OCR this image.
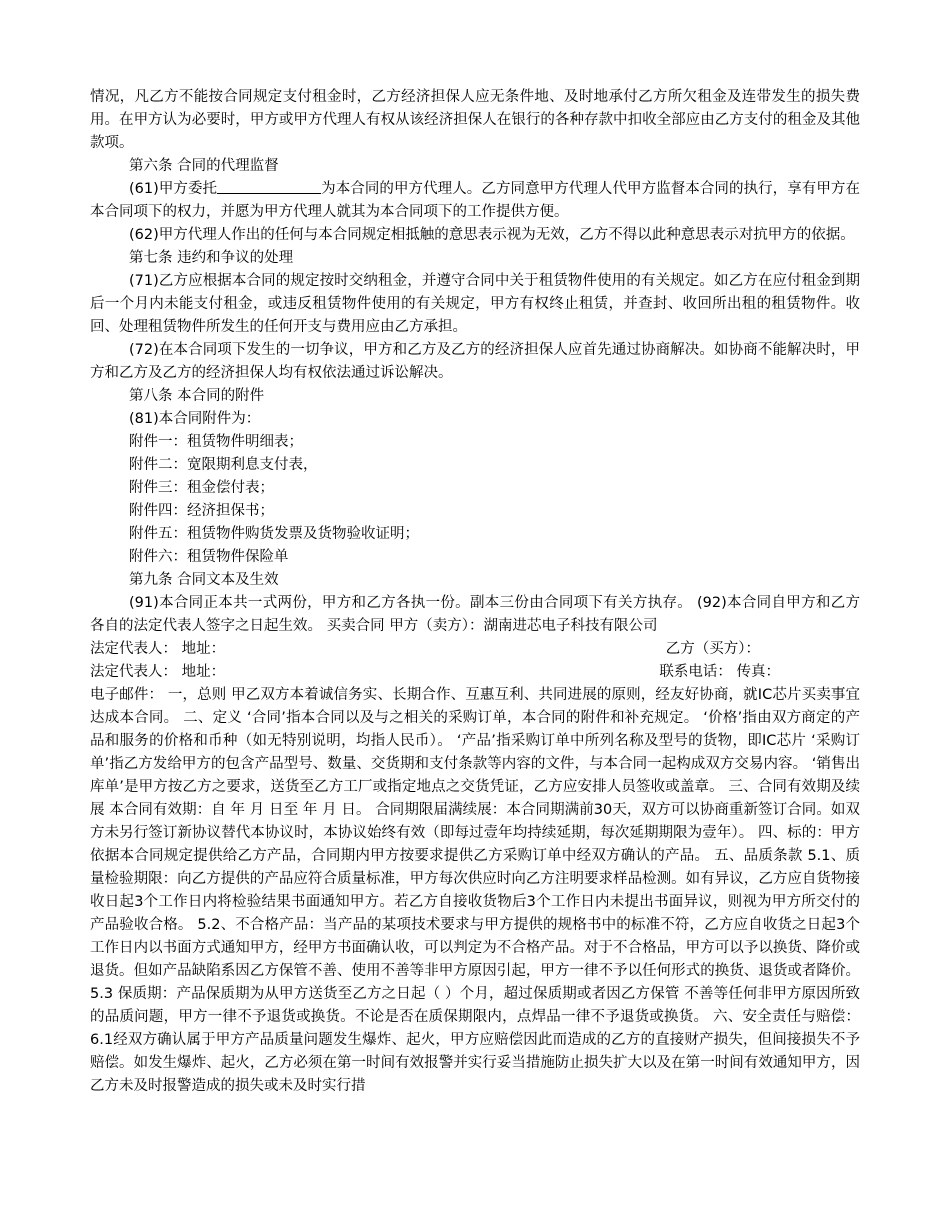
情况，凡乙方不能按合同规定支付租金时，乙方经济担保人应无条件地、及时地承付乙方所欠租金及连带发生的损失费用。在甲方认为必要时，甲方或甲方代理人有权从该经济担保人在银行的各种存款中扣收全部应由乙方支付的租金及其他款项。

第六条 合同的代理监督

(61)甲方委托	为本合同的甲方代理人。乙方同意甲方代理人代甲方监督本合同的执行，享有甲方在本合同项下的权力，并愿为甲方代理人就其为本合同项下的工作提供方便。

(62)甲方代理人作出的任何与本合同规定相抵触的意思表示视为无效，乙方不得以此种意思表示对抗甲方的依据。

第七条 违约和争议的处理

(71)乙方应根据本合同的规定按时交纳租金，并遵守合同中关于租赁物件使用的有关规定。如乙方在应付租金到期后一个月内未能支付租金，或违反租赁物件使用的有关规定，甲方有权终止租赁，并查封、收回所出租的租赁物件。收回、处理租赁物件所发生的任何开支与费用应由乙方承担。

(72)在本合同项下发生的一切争议，甲方和乙方及乙方的经济担保人应首先通过协商解决。如协商不能解决时，甲方和乙方及乙方的经济担保人均有权依法通过诉讼解决。

第八条 本合同的附件

(81)本合同附件为：

附件一：租赁物件明细表；

附件二：宽限期利息支付表，

附件三：租金偿付表；

附件四：经济担保书；

附件五：租赁物件购货发票及货物验收证明；

附件六：租赁物件保险单

第九条 合同文本及生效

(91)本合同正本共一式两份，甲方和乙方各执一份。副本三份由合同项下有关方执存。 (92)本合同自甲方和乙方各自的法定代表人签字之日起生效。 买卖合同 甲方（卖方）：湖南进芯电子科技有限公司

法定代表人： 地址：	乙方（买方）：
法定代表人： 地址：	联系电话： 传真：

电子邮件： 一，总则 甲乙双方本着诚信务实、长期合作、互惠互利、共同进展的原则，经友好协商，就IC芯片买卖事宜达成本合同。 二、定义 ‘合同’指本合同以及与之相关的采购订单，本合同的附件和补充规定。 ‘价格’指由双方商定的产品和服务的价格和币种（如无特别说明，均指人民币）。 ‘产品’指采购订单中所列名称及型号的货物，即IC芯片 ‘采购订单’指乙方发给甲方的包含产品型号、数量、交货期和支付条款等内容的文件，与本合同一起构成双方交易内容。 ‘销售出库单’是甲方按乙方之要求，送货至乙方工厂或指定地点之交货凭证，乙方应安排人员签收或盖章。 三、合同有效期及续展 本合同有效期：自 年 月 日至 年 月 日。 合同期限届满续展：本合同期满前30天，双方可以协商重新签订合同。如双方未另行签订新协议替代本协议时，本协议始终有效（即每过壹年均持续延期，每次延期期限为壹年）。 四、标的：甲方依据本合同规定提供给乙方产品，合同期内甲方按要求提供乙方采购订单中经双方确认的产品。 五、品质条款 5.1、质量检验期限：向乙方提供的产品应符合质量标准，甲方每次供应时向乙方注明要求样品检测。如有异议，乙方应自货物接收日起3个工作日内将检验结果书面通知甲方。若乙方自接收货物后3个工作日内未提出书面异议，则视为甲方所交付的产品验收合格。 5.2、不合格产品：当产品的某项技术要求与甲方提供的规格书中的标准不符，乙方应自收货之日起3个工作日内以书面方式通知甲方，经甲方书面确认收，可以判定为不合格产品。对于不合格品，甲方可以予以换货、降价或退货。但如产品缺陷系因乙方保管不善、使用不善等非甲方原因引起，甲方一律不予以任何形式的换货、退货或者降价。 5.3 保质期：产品保质期为从甲方送货至乙方之日起（ ）个月，超过保质期或者因乙方保管 不善等任何非甲方原因所致的品质问题，甲方一律不予退货或换货。不论是否在质保期限内，点焊品一律不予退货或换货。 六、安全责任与赔偿： 6.1经双方确认属于甲方产品质量问题发生爆炸、起火，甲方应赔偿因此而造成的乙方的直接财产损失，但间接损失不予赔偿。如发生爆炸、起火，乙方必须在第一时间有效报警并实行妥当措施防止损失扩大以及在第一时间有效通知甲方，因乙方未及时报警造成的损失或未及时实行措
